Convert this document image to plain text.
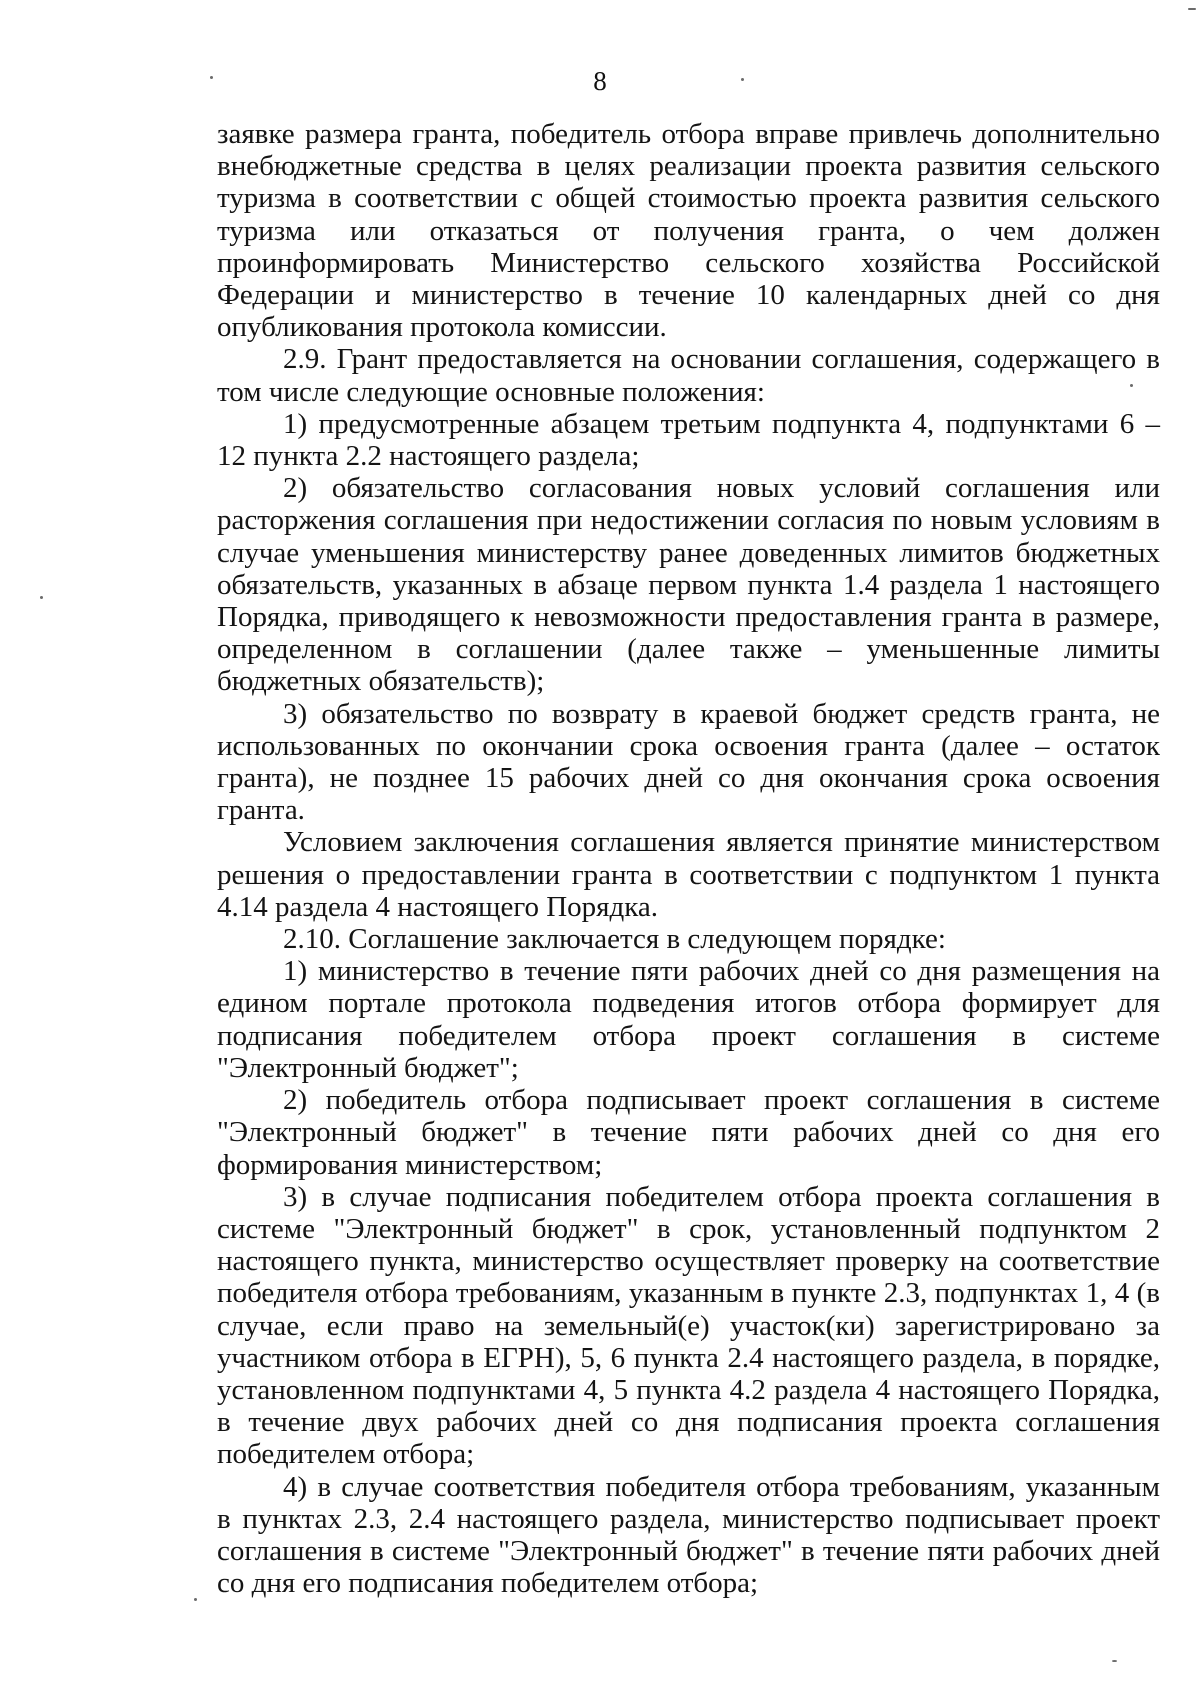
8

заявке размера гранта, победитель отбора вправе привлечь дополнительно внебюджетные средства в целях реализации проекта развития сельского туризма в соответствии с общей стоимостью проекта развития сельского туризма или отказаться от получения гранта, о чем должен проинформировать Министерство сельского хозяйства Российской Федерации и министерство в течение 10 календарных дней со дня опубликования протокола комиссии.

2.9. Грант предоставляется на основании соглашения, содержащего в том числе следующие основные положения:

1) предусмотренные абзацем третьим подпункта 4, подпунктами 6 – 12 пункта 2.2 настоящего раздела;

2) обязательство согласования новых условий соглашения или расторжения соглашения при недостижении согласия по новым условиям в случае уменьшения министерству ранее доведенных лимитов бюджетных обязательств, указанных в абзаце первом пункта 1.4 раздела 1 настоящего Порядка, приводящего к невозможности предоставления гранта в размере, определенном в соглашении (далее также – уменьшенные лимиты бюджетных обязательств);

3) обязательство по возврату в краевой бюджет средств гранта, не использованных по окончании срока освоения гранта (далее – остаток гранта), не позднее 15 рабочих дней со дня окончания срока освоения гранта.

Условием заключения соглашения является принятие министерством решения о предоставлении гранта в соответствии с подпунктом 1 пункта 4.14 раздела 4 настоящего Порядка.

2.10. Соглашение заключается в следующем порядке:

1) министерство в течение пяти рабочих дней со дня размещения на едином портале протокола подведения итогов отбора формирует для подписания победителем отбора проект соглашения в системе "Электронный бюджет";

2) победитель отбора подписывает проект соглашения в системе "Электронный бюджет" в течение пяти рабочих дней со дня его формирования министерством;

3) в случае подписания победителем отбора проекта соглашения в системе "Электронный бюджет" в срок, установленный подпунктом 2 настоящего пункта, министерство осуществляет проверку на соответствие победителя отбора требованиям, указанным в пункте 2.3, подпунктах 1, 4 (в случае, если право на земельный(е) участок(ки) зарегистрировано за участником отбора в ЕГРН), 5, 6 пункта 2.4 настоящего раздела, в порядке, установленном подпунктами 4, 5 пункта 4.2 раздела 4 настоящего Порядка, в течение двух рабочих дней со дня подписания проекта соглашения победителем отбора;

4) в случае соответствия победителя отбора требованиям, указанным в пунктах 2.3, 2.4 настоящего раздела, министерство подписывает проект соглашения в системе "Электронный бюджет" в течение пяти рабочих дней со дня его подписания победителем отбора;
